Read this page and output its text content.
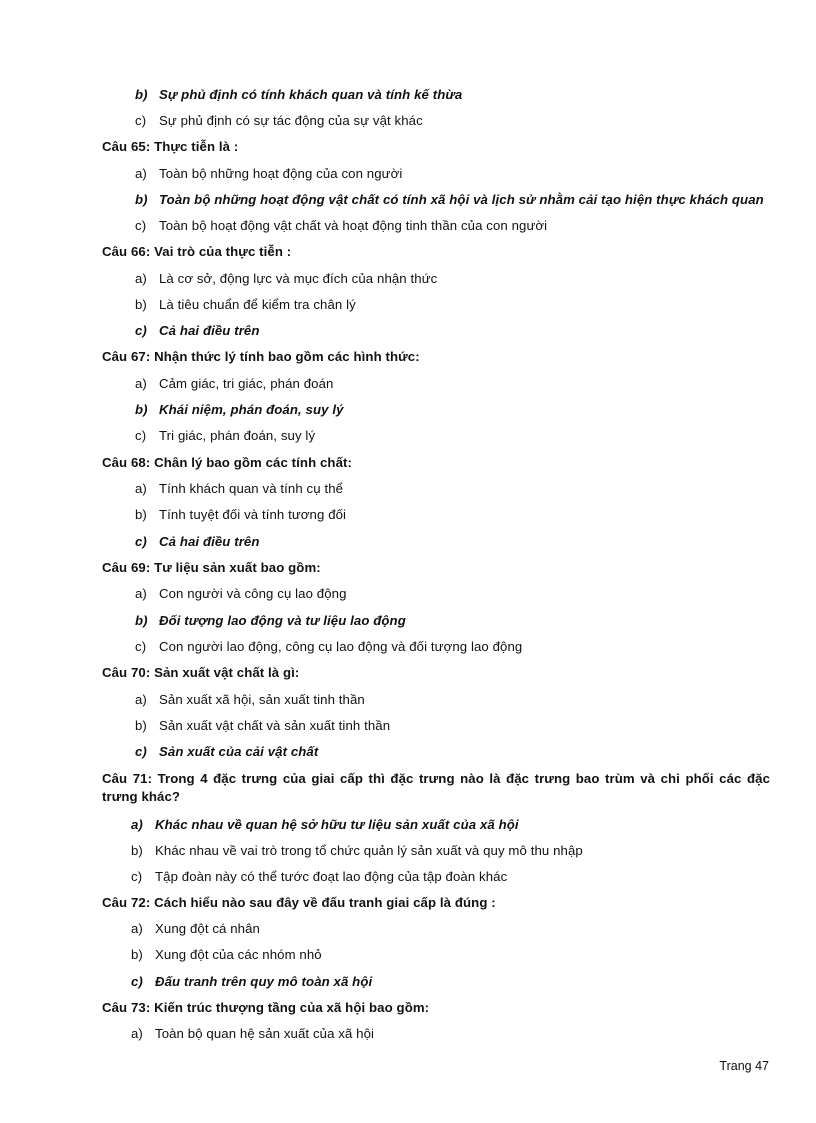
b) Sự phủ định có tính khách quan và tính kế thừa
c) Sự phủ định có sự tác động của sự vật khác
Câu 65: Thực tiễn là :
a) Toàn bộ những hoạt động của con người
b) Toàn bộ những hoạt động vật chất có tính xã hội và lịch sử nhằm cải tạo hiện thực khách quan
c) Toàn bộ hoạt động vật chất và hoạt động tinh thần của con người
Câu 66: Vai trò của thực tiễn :
a) Là cơ sở, động lực và mục đích của nhận thức
b) Là tiêu chuẩn để kiểm tra chân lý
c) Cả hai điều trên
Câu 67: Nhận thức lý tính bao gồm các hình thức:
a) Cảm giác, tri giác, phán đoán
b) Khái niệm, phán đoán, suy lý
c) Tri giác, phán đoán, suy lý
Câu 68: Chân lý bao gồm các tính chất:
a) Tính khách quan và tính cụ thể
b) Tính tuyệt đối và tính tương đối
c) Cả hai điều trên
Câu 69: Tư liệu sản xuất bao gồm:
a) Con người và công cụ lao động
b) Đối tượng lao động và tư liệu lao động
c) Con người lao động, công cụ lao động và đối tượng lao động
Câu 70: Sản xuất vật chất là gì:
a) Sản xuất xã hội, sản xuất tinh thần
b) Sản xuất vật chất và sản xuất tinh thần
c) Sản xuất của cải vật chất
Câu 71: Trong 4 đặc trưng của giai cấp thì đặc trưng nào là đặc trưng bao trùm và chi phối các đặc trưng khác?
a) Khác nhau về quan hệ sở hữu tư liệu sản xuất của xã hội
b) Khác nhau về vai trò trong tổ chức quản lý sản xuất và quy mô thu nhập
c) Tập đoàn này có thể tước đoạt lao động của tập đoàn khác
Câu 72: Cách hiểu nào sau đây về đấu tranh giai cấp là đúng :
a) Xung đột cá nhân
b) Xung đột của các nhóm nhỏ
c) Đấu tranh trên quy mô toàn xã hội
Câu 73: Kiến trúc thượng tầng của xã hội bao gồm:
a) Toàn bộ quan hệ sản xuất của xã hội
Trang 47
